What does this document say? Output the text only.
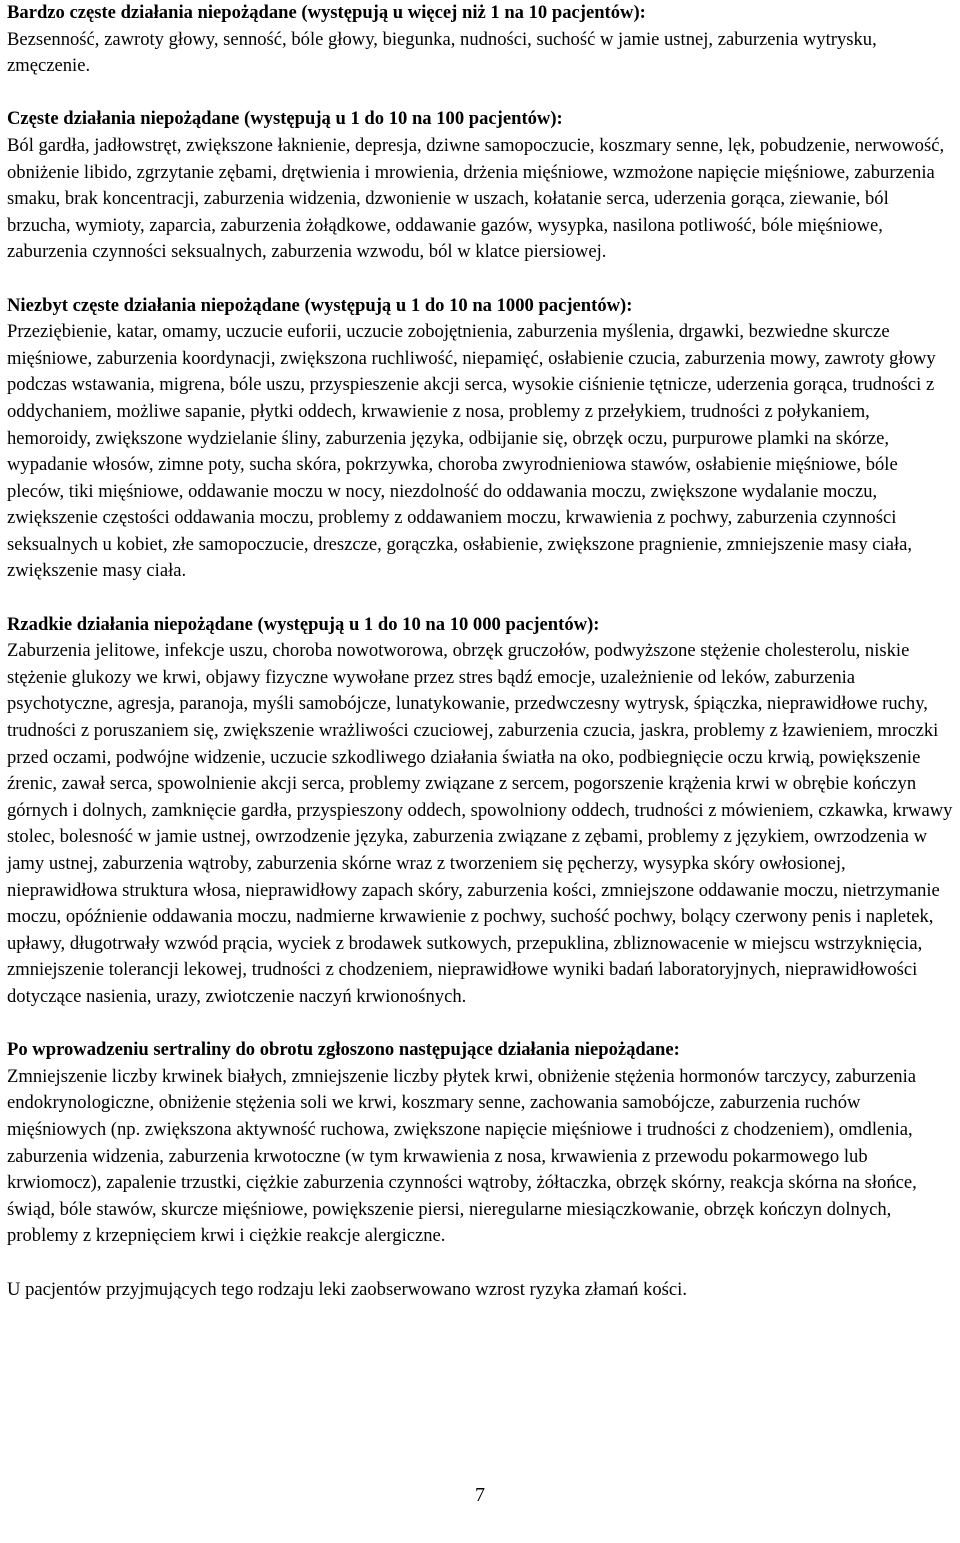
Bardzo częste działania niepożądane (występują u więcej niż 1 na 10 pacjentów):
Bezsenność, zawroty głowy, senność, bóle głowy, biegunka, nudności, suchość w jamie ustnej, zaburzenia wytrysku, zmęczenie.
Częste działania niepożądane (występują u 1 do 10 na 100 pacjentów):
Ból gardła, jadłowstręt, zwiększone łaknienie, depresja, dziwne samopoczucie, koszmary senne, lęk, pobudzenie, nerwowość, obniżenie libido, zgrzytanie zębami, drętwienia i mrowienia, drżenia mięśniowe, wzmożone napięcie mięśniowe, zaburzenia smaku, brak koncentracji, zaburzenia widzenia, dzwonienie w uszach, kołatanie serca, uderzenia gorąca, ziewanie, ból brzucha, wymioty, zaparcia, zaburzenia żołądkowe, oddawanie gazów, wysypka, nasilona potliwość, bóle mięśniowe, zaburzenia czynności seksualnych, zaburzenia wzwodu, ból w klatce piersiowej.
Niezbyt częste działania niepożądane (występują u 1 do 10 na 1000 pacjentów):
Przeziębienie, katar, omamy, uczucie euforii, uczucie zobojętnienia, zaburzenia myślenia, drgawki, bezwiedne skurcze mięśniowe, zaburzenia koordynacji, zwiększona ruchliwość, niepamięć, osłabienie czucia, zaburzenia mowy, zawroty głowy podczas wstawania, migrena, bóle uszu, przyspieszenie akcji serca, wysokie ciśnienie tętnicze, uderzenia gorąca, trudności z oddychaniem, możliwe sapanie, płytki oddech, krwawienie z nosa, problemy z przełykiem, trudności z połykaniem, hemoroidy, zwiększone wydzielanie śliny, zaburzenia języka, odbijanie się, obrzęk oczu, purpurowe plamki na skórze, wypadanie włosów, zimne poty, sucha skóra, pokrzywka, choroba zwyrodnieniowa stawów, osłabienie mięśniowe, bóle pleców, tiki mięśniowe, oddawanie moczu w nocy, niezdolność do oddawania moczu, zwiększone wydalanie moczu, zwiększenie częstości oddawania moczu, problemy z oddawaniem moczu, krwawienia z pochwy, zaburzenia czynności seksualnych u kobiet, złe samopoczucie, dreszcze, gorączka, osłabienie, zwiększone pragnienie, zmniejszenie masy ciała, zwiększenie masy ciała.
Rzadkie działania niepożądane (występują u 1 do 10 na 10 000 pacjentów):
Zaburzenia jelitowe, infekcje uszu, choroba nowotworowa, obrzęk gruczołów, podwyższone stężenie cholesterolu, niskie stężenie glukozy we krwi, objawy fizyczne wywołane przez stres bądź emocje, uzależnienie od leków, zaburzenia psychotyczne, agresja, paranoja, myśli samobójcze, lunatykowanie, przedwczesny wytrysk, śpiączka, nieprawidłowe ruchy, trudności z poruszaniem się, zwiększenie wrażliwości czuciowej, zaburzenia czucia, jaskra, problemy z łzawieniem, mroczki przed oczami, podwójne widzenie, uczucie szkodliwego działania światła na oko, podbiegnięcie oczu krwią, powiększenie źrenic, zawał serca, spowolnienie akcji serca, problemy związane z sercem, pogorszenie krążenia krwi w obrębie kończyn górnych i dolnych, zamknięcie gardła, przyspieszony oddech, spowolniony oddech, trudności z mówieniem, czkawka, krwawy stolec, bolesność w jamie ustnej, owrzodzenie języka, zaburzenia związane z zębami, problemy z językiem, owrzodzenia w jamy ustnej, zaburzenia wątroby, zaburzenia skórne wraz z tworzeniem się pęcherzy, wysypka skóry owłosionej, nieprawidłowa struktura włosa, nieprawidłowy zapach skóry, zaburzenia kości, zmniejszone oddawanie moczu, nietrzymanie moczu, opóźnienie oddawania moczu, nadmierne krwawienie z pochwy, suchość pochwy, bolący czerwony penis i napletek, upławy, długotrwały wzwód prącia, wyciek z brodawek sutkowych, przepuklina, zbliznowacenie w miejscu wstrzyknięcia, zmniejszenie tolerancji lekowej, trudności z chodzeniem, nieprawidłowe wyniki badań laboratoryjnych, nieprawidłowości dotyczące nasienia, urazy, zwiotczenie naczyń krwionośnych.
Po wprowadzeniu sertraliny do obrotu zgłoszono następujące działania niepożądane:
Zmniejszenie liczby krwinek białych, zmniejszenie liczby płytek krwi, obniżenie stężenia hormonów tarczycy, zaburzenia endokrynologiczne, obniżenie stężenia soli we krwi, koszmary senne, zachowania samobójcze, zaburzenia ruchów mięśniowych (np. zwiększona aktywność ruchowa, zwiększone napięcie mięśniowe i trudności z chodzeniem), omdlenia, zaburzenia widzenia, zaburzenia krwotoczne (w tym krwawienia z nosa, krwawienia z przewodu pokarmowego lub krwiomocz), zapalenie trzustki, ciężkie zaburzenia czynności wątroby, żółtaczka, obrzęk skórny, reakcja skórna na słońce, świąd, bóle stawów, skurcze mięśniowe, powiększenie piersi, nieregularne miesiączkowanie, obrzęk kończyn dolnych, problemy z krzepnięciem krwi i ciężkie reakcje alergiczne.

U pacjentów przyjmujących tego rodzaju leki zaobserwowano wzrost ryzyka złamań kości.

7
